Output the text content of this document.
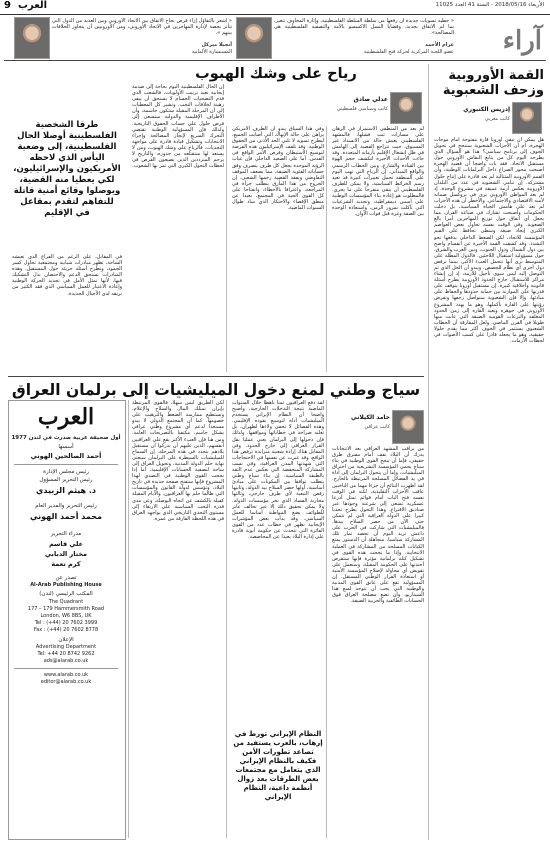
9 العرب	الأربعاء 2018/05/16 - السنة 41 العدد 11025
آراء
« خطبة تسويات جديدة أن رفعها من سلطة السلطة الفلسطينية، وإثارة المخاوف تتغير، بما لم الاتفاق بجديد، وقضايا النسل الاكسسو بالأمة والتصفية الفلسطينية هي المصالحة».
عزام الأحمد
عضو اللجنة المركزية لحركة فتح الفلسطينية
« أشعر بالتفاؤل إزاء فرص نجاح الاتفاق بين الاتحاد الأوروبي وبين العديد من الدول التي تتأثر بحصة لإدارة المهاجرين في الاتحاد الأوروبي، ومن الأوروبيين أن يتجاوز الخلافات بينهم ».
أنجيلا ميركل
المستشارة الألمانية
القمة الأوروبية وزحف الشعبوية
إدريس الكنبوري
كاتب مغربي
هل يمكن أن تبقى أوروبا قارة مفتوحة أمام موجات الهجرة، أم أن الأحزاب الشعبوية ستنجح في تحويل الخوف إلى برنامج سياسي؟ هذا هو السؤال الذي يطرحه اليوم كل من يتابع النقاش الأوروبي حول مستقبل الاتحاد. فقد بات واضحا أن قضية الهجرة أصبحت محور الصراع داخل البرلمانات الوطنية، وأن القمم الأوروبية المتتالية لم تعد قادرة على إنتاج حلول مشتركة. إن تنامي الشعبوية في عدد من البلدان الأوروبية يعكس أزمة عميقة في مشروع الوحدة، إذ لم يعد المواطن الأوروبي يرى في بروكسل ضمانة لأمنه الاقتصادي والاجتماعي. والأخطر أن هذه الأحزاب لم تعد على هامش الحياة السياسية، بل دخلت الحكومات وأصبحت تشارك في صناعة القرار، مما يجعل أي اتفاق حول توزيع المهاجرين أمرا بالغ الصعوبة. وفي الوقت نفسه تحاول بعض العواصم الكبرى إيجاد صيغة وسطى تحافظ على القيم المؤسسة للاتحاد، لكن الضغط الداخلي يدفعها نحو التشدد. وقد كشفت القمة الأخيرة عن انقسام واضح بين دول الشمال ودول الجنوب، وبين الغرب والشرق، حول مسؤولية استقبال اللاجئين. فالدول المطلة على المتوسط ترى أنها تتحمل العبء الأكبر، بينما ترفض دول أخرى أي نظام للحصص. ويبدو أن الحل الذي تم التوصل إليه ليس سوى تأجيل للأزمة، إذ إن إنشاء مراكز للاستقبال خارج الحدود الأوروبية يطرح أسئلة قانونية وأخلاقية كبيرة. إن مستقبل أوروبا يتوقف على قدرتها على الموازنة بين حماية حدودها والحفاظ على مبادئها، وإلا فإن الشعبوية ستواصل زحفها وتفرض رؤيتها على القارة بأكملها، وهو ما يهدد المشروع الأوروبي في جوهره ويعيد القارة إلى زمن الحدود المغلقة والنزعات القومية الضيقة التي عانت منها طويلا في القرن الماضي. ولعل المفارقة أن الخطاب الشعبوي يستثمر في الخوف أكثر مما يقدم حلولا حقيقية، وهو ما يجعله قادرا على كسب الأصوات في لحظات الأزمات.
رياح على وشك الهبوب
عدلي صادق
كاتب وسياسي فلسطيني
لم يعد من المنطقي الاستمرار في الرهان على مسارات ثبت فشلها، فالمشهد الفلسطيني يعيش حالة من الانسداد غير المسبوق، حيث تتراجع القضية إلى الهامش في ظل انشغال الإقليم بأزماته المتعددة. وقد جاءت الأحداث الأخيرة لتكشف حجم الهوة بين القيادة والشارع، وبين الخطاب الرسمي والواقع الميداني. إن الرياح التي تهب اليوم على المنطقة تحمل تغييرات كبيرة قد تعيد رسم الخرائط السياسية، ولا يمكن للطرف الفلسطيني أن يبقى متفرجا على ما يجري. فالمطلوب هو إعادة بناء المؤسسات الوطنية على أسس ديمقراطية، وتجديد الشرعيات التي تآكلت بمرور الزمن، واستعادة الوحدة بين الضفة وغزة قبل فوات الأوان.
وفي هذا السياق يبدو أن الطرف الأمريكي يراهن على حالة الإنهاك التي أصابت الجميع، ليطرح تسوية لا تلبي الحد الأدنى من الحقوق الوطنية. وقد تلقف الإسرائيليون هذه الفرصة لتوسيع الاستيطان وفرض الأمر الواقع في القدس. أما على الصعيد الداخلي فإن غياب الرؤية الموحدة يجعل كل طرف يتصرف وفق حساباته الفئوية الضيقة، مما يضعف الموقف التفاوضي ويفقد القضية زخمها الشعبي. إن الخروج من هذا المأزق يتطلب جرأة في المراجعة، واعترافا بالأخطاء، وانفتاحا على كل القوى الحية في المجتمع، بعيدا عن منطق الإقصاء والاحتكار الذي ساد طوال السنوات الماضية.
إن الحال الفلسطينية اليوم بحاجة إلى صدمة إيجابية تعيد ترتيب الأولويات، فالشعب الذي قدم التضحيات الجسام لا يستحق أن يبقى رهينة لخلافات النخب. وتشير كل المعطيات إلى أن المرحلة المقبلة ستكون حاسمة، وأن الأطراف الإقليمية والدولية ستسعى إلى فرض حلول على حساب الحقوق التاريخية. ولذلك فإن المسؤولية الوطنية تقتضي التحرك السريع لإنجاز المصالحة وإجراء الانتخابات وتشكيل قيادة قادرة على مواجهة التحديات. فالرياح على وشك الهبوب، ومن لا يستعد لها ستقتلعه من جذوره، والتاريخ لا يرحم المترددين الذين يضيعون الفرص في لحظات التحول الكبرى التي تمر بها الشعوب.
طرقا الشخصية الفلسطينية أوصلا الحال الفلسطينية، إلى وضعية اليأس الذي لاحظه الأمريكيون والإسرائيليون، لكي يعطيا منه القضية، ويوصلوا وقائع أمنية قاتلة للتفاهم لتقدم بمقاعل في الإقليم
في المقابل، على الرغم من الفراغ الذي تعيشه الساحة، تظهر مبادرات شبابية ومجتمعية تحاول كسر الجمود، وتطرح أسئلة جريئة حول المستقبل. وهذه المبادرات تستحق الدعم والاحتضان بدل التشكيك فيها، لأنها تمثل الأمل في تجديد الحركة الوطنية وإعادة الاعتبار للعمل السياسي الذي فقد الكثير من بريقه لدى الأجيال الجديدة.
سياج وطني لمنع دخول الميليشيات إلى برلمان العراق
حامد الكيلاني
كاتب عراقي
من يراقب المشهد العراقي بعد الانتخابات يدرك أن البلاد تقف أمام مفترق طرق حقيقي، فإما أن تنجح القوى الوطنية في بناء سياج يحمي المؤسسة التشريعية من اختراق الميليشيات، وإما أن يتحول البرلمان إلى أداة في يد الفصائل المسلحة المرتبطة بالخارج. لقد أظهرت النتائج أن جزءا مهما من الناخبين عاقب الأحزاب التقليدية، لكنه في الوقت نفسه فتح الباب أمام قوائم تمثل أذرعا عسكرية تسعى إلى شرعنة وجودها عبر صناديق الاقتراع. وهذا التحول يطرح تحديا كبيرا على الدولة العراقية التي لم تتمكن حتى الآن من حصر السلاح بيدها. فالميليشيات التي شاركت في الحرب على داعش تريد اليوم أن تحصد ثمار تلك المشاركة سياسيا، متجاهلة أن الدستور يمنع الكيانات المسلحة من المشاركة في العملية الانتخابية. وإذا ما نجحت هذه القوى في تشكيل كتلة برلمانية مؤثرة فإنها ستفرض أجندتها على الحكومة المقبلة، وستعمل على تقويض أي محاولة لإصلاح المؤسسة الأمنية أو استعادة القرار الوطني المستقل. إن المسؤولية تقع على عاتق القوى المدنية والوطنية التي يجب أن تتوحد لمنع هذا السيناريو، وأن تضع مصلحة العراق فوق الحسابات الطائفية والحزبية الضيقة.
لقد دفع العراقيون ثمنا باهظا خلال السنوات الماضية نتيجة التدخلات الخارجية، وأصبح واضحا أن النظام الإيراني يستخدم الميليشيات أداة لتوسيع نفوذه الإقليمي. وهذه الفصائل لا تخفي ولاءها لطهران، بل تعلنه صراحة في خطاباتها ومواقفها. ولذلك فإن دخولها إلى البرلمان يعني عمليا نقل القرار العراقي إلى خارج الحدود. وفي المقابل هناك إرادة شعبية متزايدة ترفض هذا الواقع، وقد عبرت عن نفسها في الاحتجاجات التي شهدتها المدن العراقية، وفي نسب المشاركة المنخفضة التي تعكس عدم الثقة بالطبقة السياسية. إن بناء سياج وطني يتطلب توافقا بين المكونات على مبادئ أساسية، أولها حصر السلاح بيد الدولة، وثانيها رفض التبعية لأي طرف خارجي، وثالثها محاربة الفساد الذي نخر مؤسسات الدولة. ولا يمكن تحقيق ذلك إلا عبر تحالف عابر للطوائف يضع المواطنة أساسا للعمل السياسي. وقد بدأت بعض المؤشرات الإيجابية تظهر في خطاب عدد من القوى الفائزة التي تتحدث عن حكومة أبوية قادرة على إدارة البلاد بعيدا عن المحاصصة.
لكن الطريق ليس سهلا، فالقوى المرتبطة بإيران تمتلك المال والسلاح والإعلام، وتستطيع ممارسة الضغط والترهيب على خصومها. كما أن المجتمع الدولي لا يبدو مستعدا لدعم أي مشروع وطني عراقي بشكل حاسم، مكتفيا بالتصريحات العامة. ومن هنا فإن العبء الأكبر يقع على العراقيين أنفسهم، الذين عليهم أن يدركوا أن مستقبل بلادهم يتحدد في هذه المرحلة. إن السماح للميليشيات بالسيطرة على البرلمان سيعني نهاية حلم الدولة المدنية، وتحويل العراق إلى ساحة لتصفية الحسابات الإقليمية. أما إذا نجحت القوى الوطنية في التصدي لهذا المشروع فإنها ستفتح صفحة جديدة في تاريخ البلاد، وتؤسس لدولة القانون والمؤسسات التي طالما حلم بها العراقيون. والأيام المقبلة كفيلة بالكشف عن اتجاه البوصلة، وعن مدى قدرة النخب السياسية على الارتقاء إلى مستوى التحدي التاريخي الذي يواجهه العراق في هذه اللحظة الفارقة من عمره.
النظام الإيراني تورط في إرهاب، بالعرب يستفيد من تصاعد تطورات الأمن فكيف بالنظام الإيراني الذي يتعامل مع مجتمعات بعض الطرقات بعد زوال أنظمة داعية، النظام الإيراني
العرب
أول صحيفة عربية صدرت في لندن 1977
أسسها
أحمد الصالحين الهوني
رئيس مجلس الإدارة
رئيس التحرير المسؤول
د. هيثم الزبيدي
رئيس التحرير والمدير العام
محمد أحمد الهوني
مدراء التحرير
علي قاسم
مختار الدبابي
كرم نعمة
تصدر عن
Al-Arab Publishing House
المكتب الرئيسي (لندن)
The Quadrant
177 – 179 Hammersmith Road
London, W6 8BS, UK
Tel : (+44) 20 7602 3999
Fax : (+44) 20 7602 8778
الإعلان
Advertising Department
Tel: +44 20 8742 9262
ads@alarab.co.uk
www.alarab.co.uk
editor@alarab.co.uk
